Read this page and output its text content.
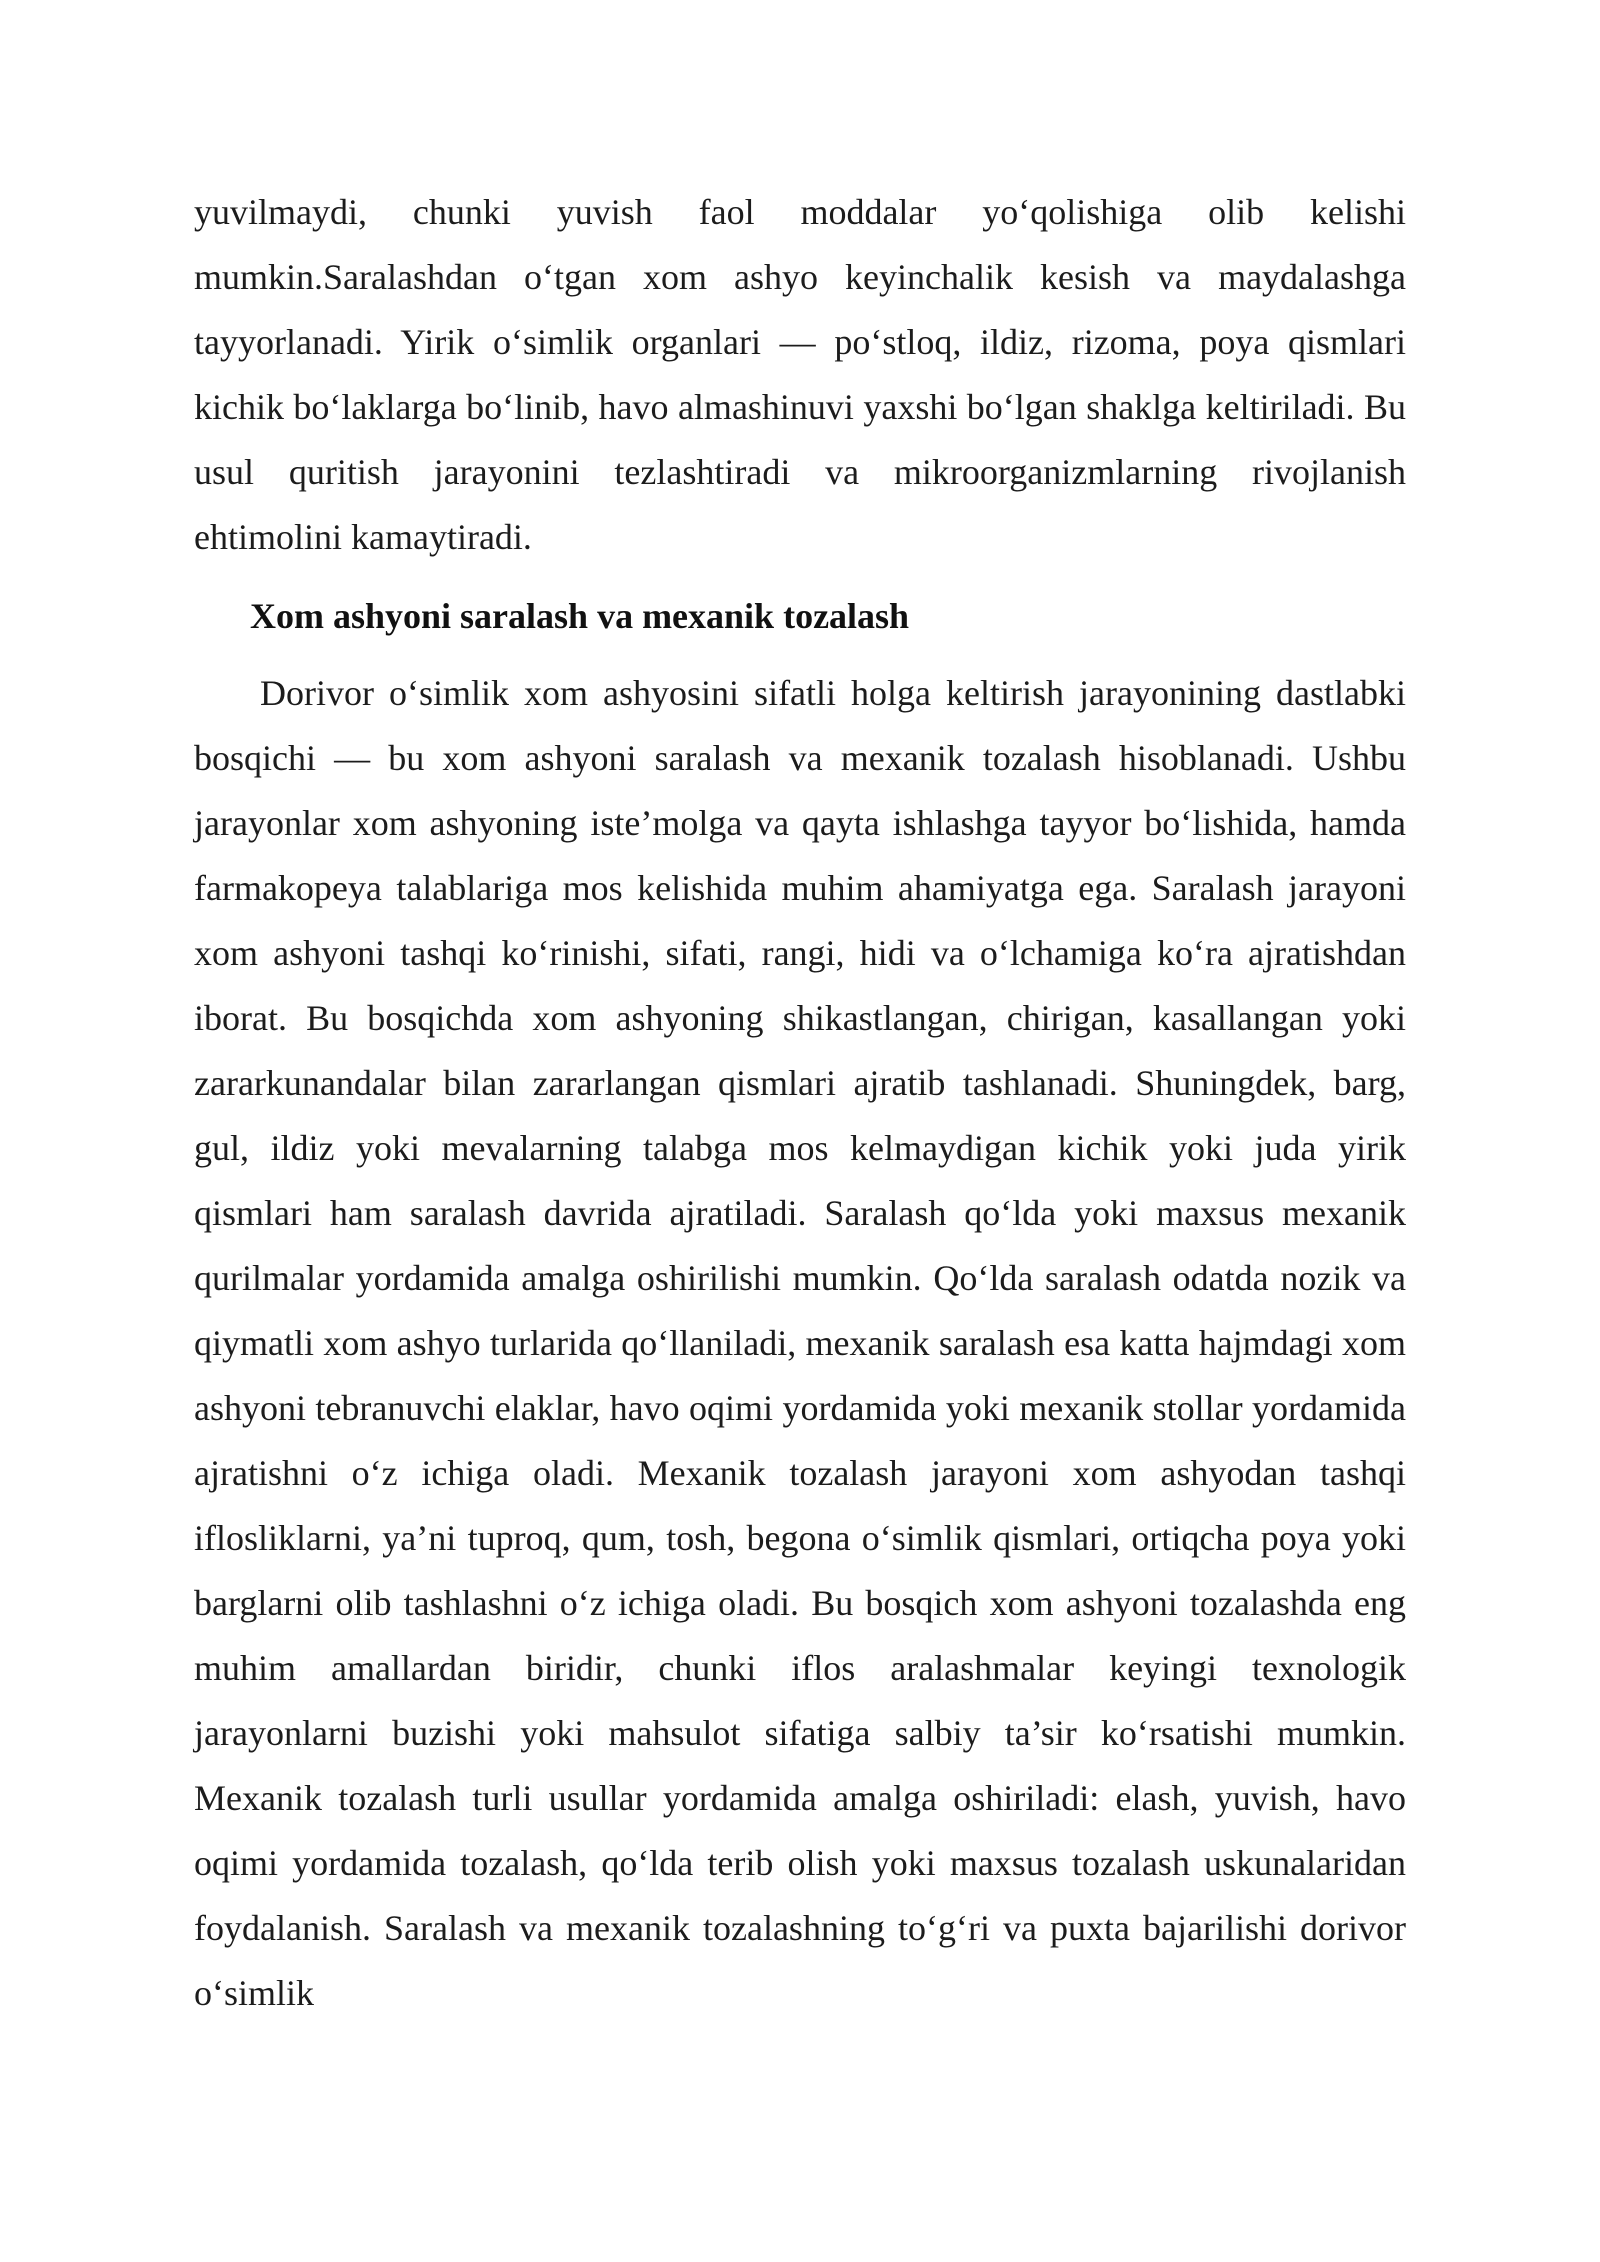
yuvilmaydi, chunki yuvish faol moddalar yo‘qolishiga olib kelishi mumkin.Saralashdan o‘tgan xom ashyo keyinchalik kesish va maydalashga tayyorlanadi. Yirik o‘simlik organlari — po‘stloq, ildiz, rizoma, poya qismlari kichik bo‘laklarga bo‘linib, havo almashinuvi yaxshi bo‘lgan shaklga keltiriladi. Bu usul quritish jarayonini tezlashtiradi va mikroorganizmlarning rivojlanish ehtimolini kamaytiradi.

Xom ashyoni saralash va mexanik tozalash

Dorivor o‘simlik xom ashyosini sifatli holga keltirish jarayonining dastlabki bosqichi — bu xom ashyoni saralash va mexanik tozalash hisoblanadi. Ushbu jarayonlar xom ashyoning iste’molga va qayta ishlashga tayyor bo‘lishida, hamda farmakopeya talablariga mos kelishida muhim ahamiyatga ega. Saralash jarayoni xom ashyoni tashqi ko‘rinishi, sifati, rangi, hidi va o‘lchamiga ko‘ra ajratishdan iborat. Bu bosqichda xom ashyoning shikastlangan, chirigan, kasallangan yoki zararkunandalar bilan zararlangan qismlari ajratib tashlanadi. Shuningdek, barg, gul, ildiz yoki mevalarning talabga mos kelmaydigan kichik yoki juda yirik qismlari ham saralash davrida ajratiladi. Saralash qo‘lda yoki maxsus mexanik qurilmalar yordamida amalga oshirilishi mumkin. Qo‘lda saralash odatda nozik va qiymatli xom ashyo turlarida qo‘llaniladi, mexanik saralash esa katta hajmdagi xom ashyoni tebranuvchi elaklar, havo oqimi yordamida yoki mexanik stollar yordamida ajratishni o‘z ichiga oladi. Mexanik tozalash jarayoni xom ashyodan tashqi iflosliklarni, ya’ni tuproq, qum, tosh, begona o‘simlik qismlari, ortiqcha poya yoki barglarni olib tashlashni o‘z ichiga oladi. Bu bosqich xom ashyoni tozalashda eng muhim amallardan biridir, chunki iflos aralashmalar keyingi texnologik jarayonlarni buzishi yoki mahsulot sifatiga salbiy ta’sir ko‘rsatishi mumkin. Mexanik tozalash turli usullar yordamida amalga oshiriladi: elash, yuvish, havo oqimi yordamida tozalash, qo‘lda terib olish yoki maxsus tozalash uskunalaridan foydalanish. Saralash va mexanik tozalashning to‘g‘ri va puxta bajarilishi dorivor o‘simlik
